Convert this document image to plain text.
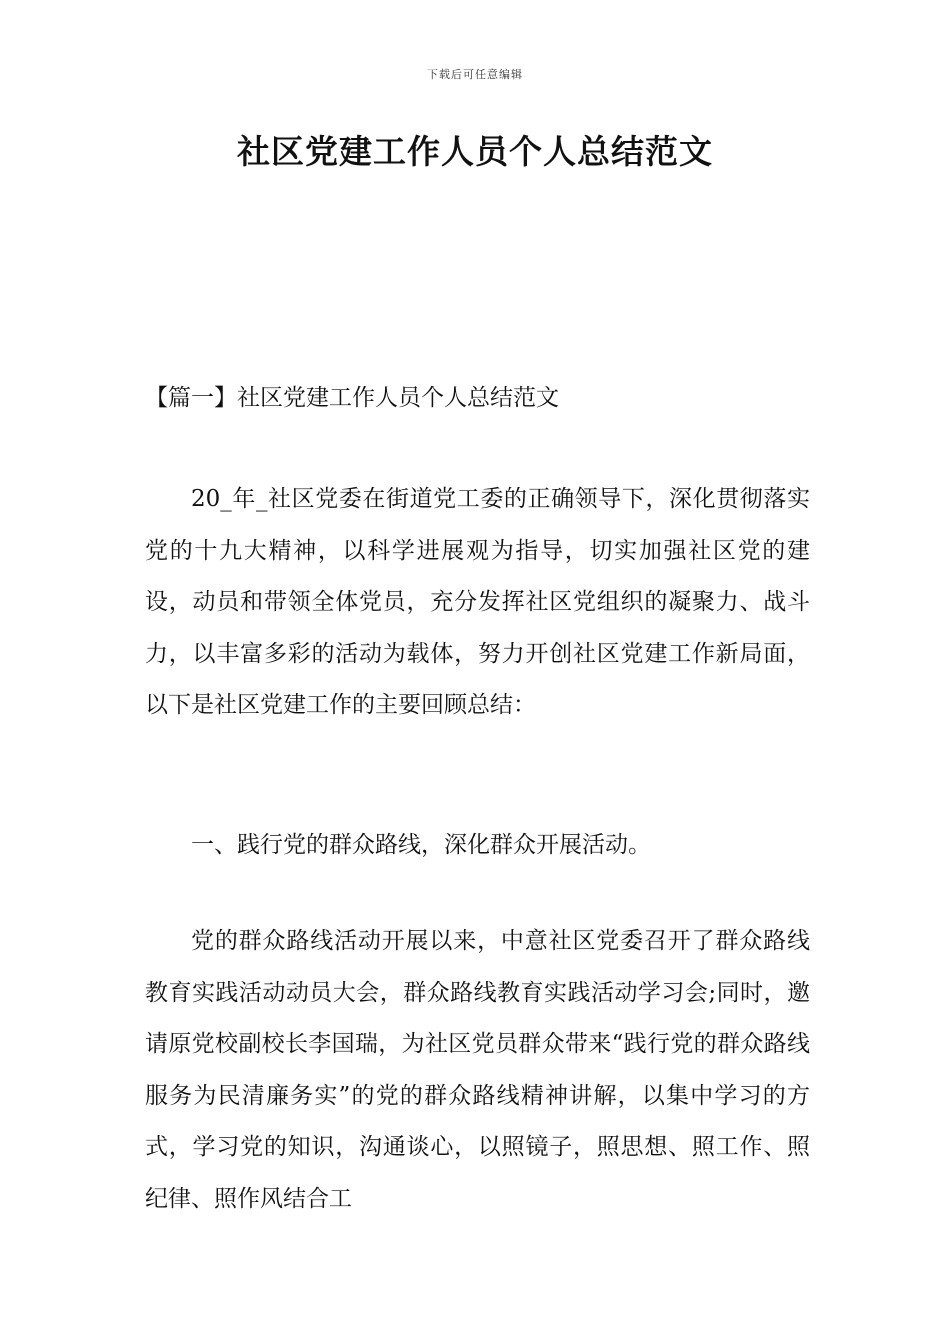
下载后可任意编辑
社区党建工作人员个人总结范文

【篇一】社区党建工作人员个人总结范文

20_年_社区党委在街道党工委的正确领导下，深化贯彻落实党的十九大精神，以科学进展观为指导，切实加强社区党的建设，动员和带领全体党员，充分发挥社区党组织的凝聚力、战斗力，以丰富多彩的活动为载体，努力开创社区党建工作新局面，以下是社区党建工作的主要回顾总结：

一、践行党的群众路线，深化群众开展活动。

党的群众路线活动开展以来，中意社区党委召开了群众路线教育实践活动动员大会，群众路线教育实践活动学习会;同时，邀请原党校副校长李国瑞，为社区党员群众带来“践行党的群众路线服务为民清廉务实”的党的群众路线精神讲解，以集中学习的方式，学习党的知识，沟通谈心，以照镜子，照思想、照工作、照纪律、照作风结合工
